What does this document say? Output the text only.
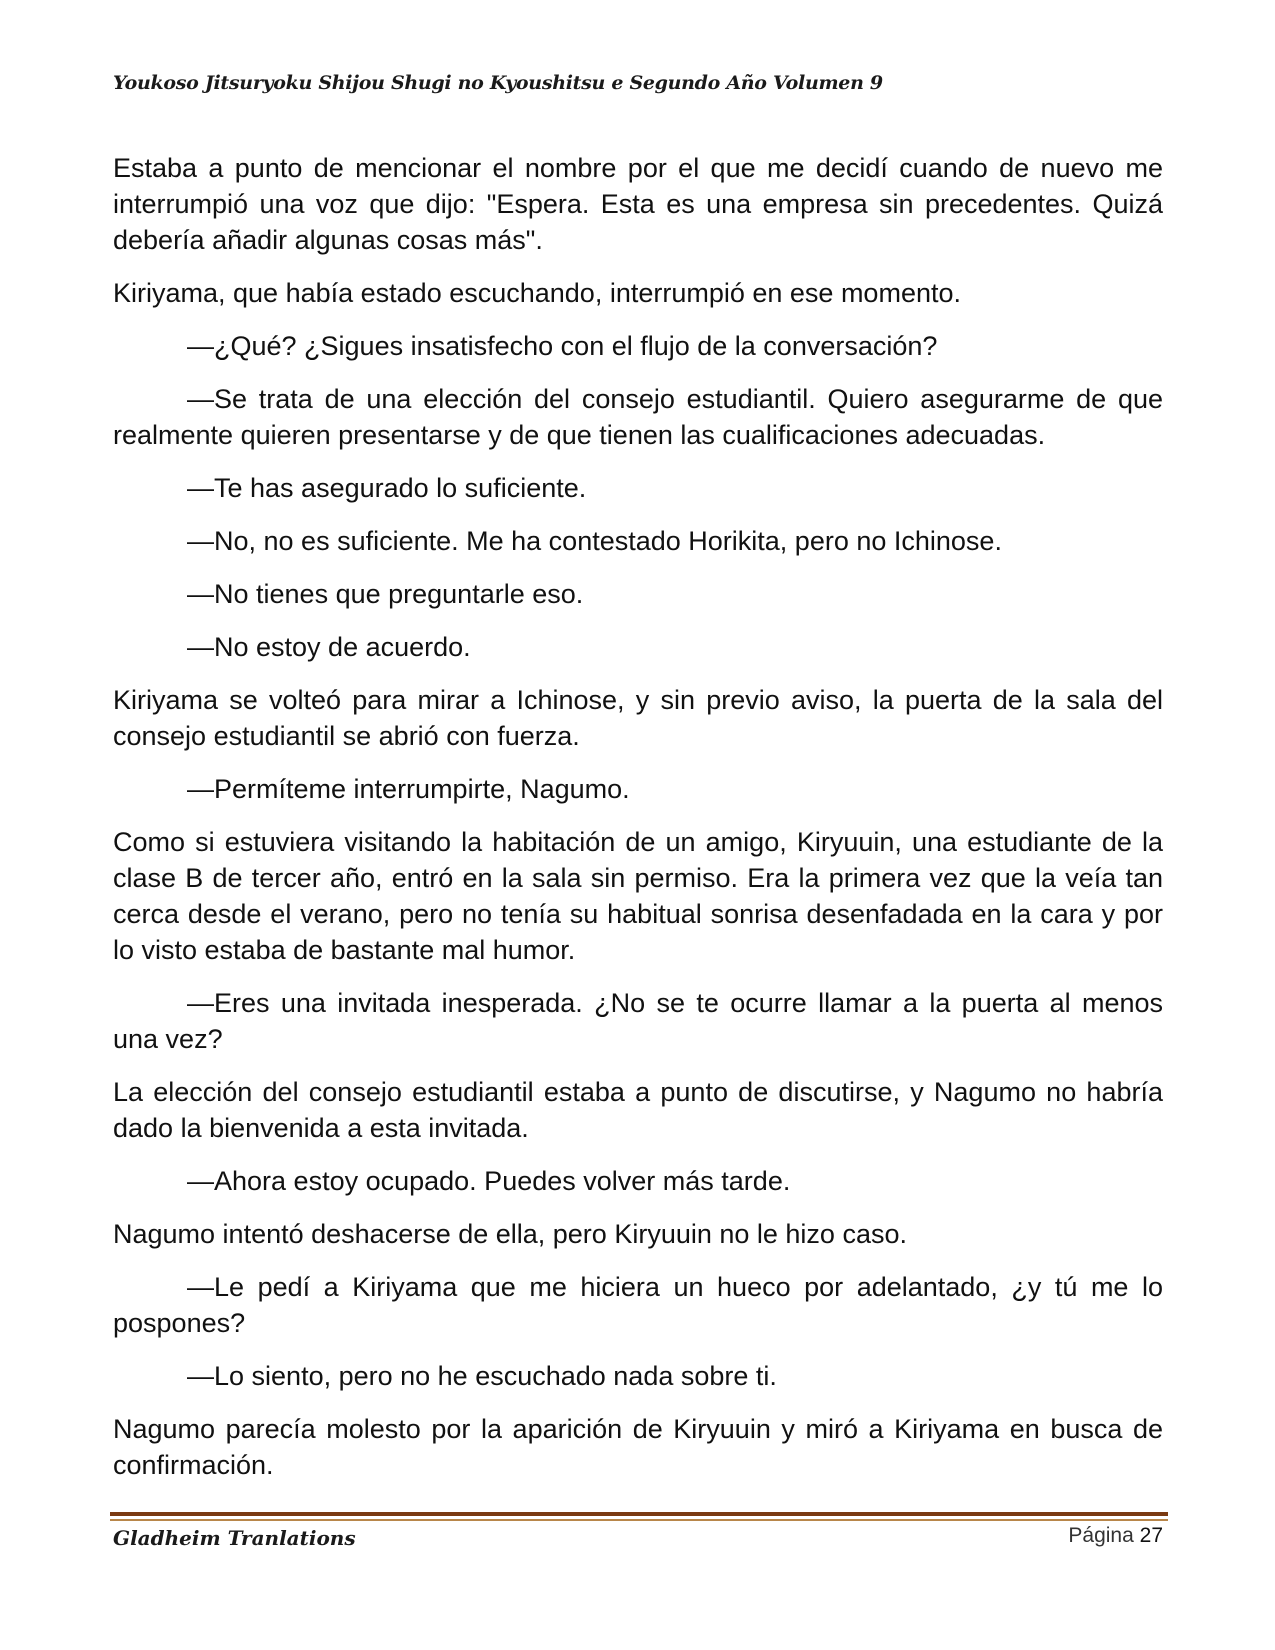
Youkoso Jitsuryoku Shijou Shugi no Kyoushitsu e Segundo Año Volumen 9

Estaba a punto de mencionar el nombre por el que me decidí cuando de nuevo me interrumpió una voz que dijo: "Espera. Esta es una empresa sin precedentes. Quizá debería añadir algunas cosas más".

Kiriyama, que había estado escuchando, interrumpió en ese momento.

—¿Qué? ¿Sigues insatisfecho con el flujo de la conversación?

—Se trata de una elección del consejo estudiantil. Quiero asegurarme de que realmente quieren presentarse y de que tienen las cualificaciones adecuadas.

—Te has asegurado lo suficiente.

—No, no es suficiente. Me ha contestado Horikita, pero no Ichinose.

—No tienes que preguntarle eso.

—No estoy de acuerdo.

Kiriyama se volteó para mirar a Ichinose, y sin previo aviso, la puerta de la sala del consejo estudiantil se abrió con fuerza.

—Permíteme interrumpirte, Nagumo.

Como si estuviera visitando la habitación de un amigo, Kiryuuin, una estudiante de la clase B de tercer año, entró en la sala sin permiso. Era la primera vez que la veía tan cerca desde el verano, pero no tenía su habitual sonrisa desenfadada en la cara y por lo visto estaba de bastante mal humor.

—Eres una invitada inesperada. ¿No se te ocurre llamar a la puerta al menos una vez?

La elección del consejo estudiantil estaba a punto de discutirse, y Nagumo no habría dado la bienvenida a esta invitada.

—Ahora estoy ocupado. Puedes volver más tarde.

Nagumo intentó deshacerse de ella, pero Kiryuuin no le hizo caso.

—Le pedí a Kiriyama que me hiciera un hueco por adelantado, ¿y tú me lo pospones?

—Lo siento, pero no he escuchado nada sobre ti.

Nagumo parecía molesto por la aparición de Kiryuuin y miró a Kiriyama en busca de confirmación.

Gladheim Tranlations	Página 27
